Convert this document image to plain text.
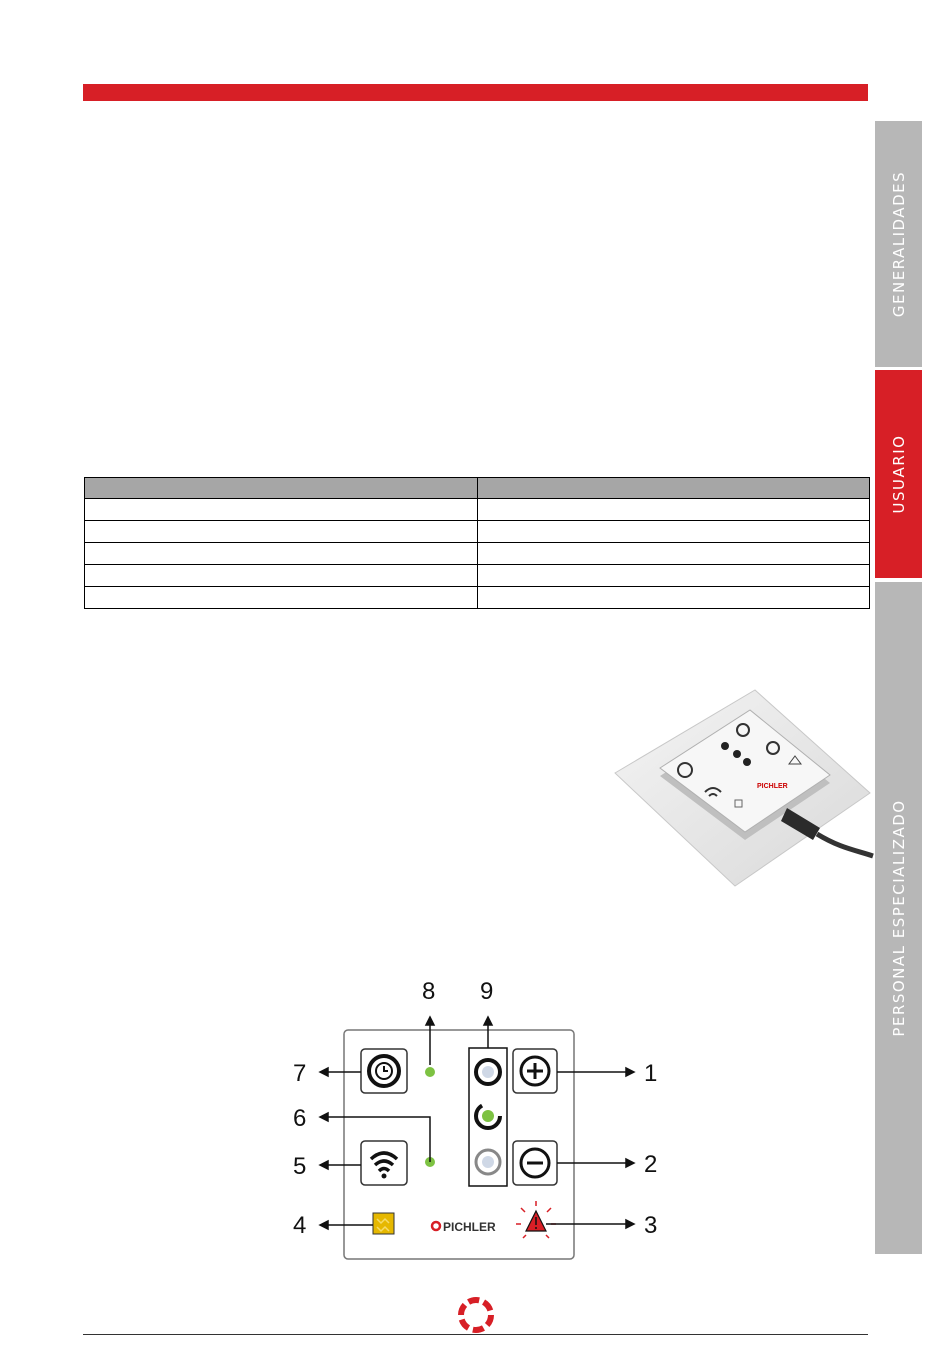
GENERALIDADES
USUARIO
PERSONAL ESPECIALIZADO

PICHLER
PICHLER
1
2
3
4
5
6
7
8 9
